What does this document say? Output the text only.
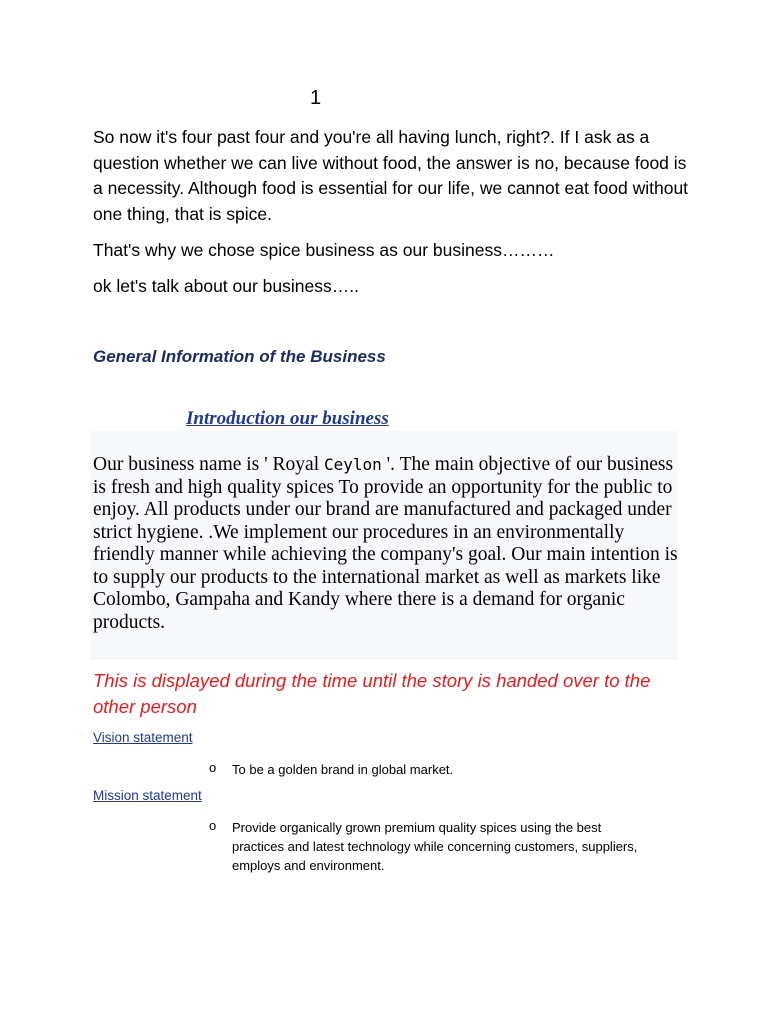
1

So now it's four past four and you're all having lunch, right?. If I ask as a question whether we can live without food, the answer is no, because food is a necessity. Although food is essential for our life, we cannot eat food without one thing, that is spice.

That's why we chose spice business as our business………

ok let's talk about our business…..

General Information of the Business
Introduction our business

Our business name is ' Royal Ceylon '. The main objective of our business is fresh and high quality spices To provide an opportunity for the public to enjoy. All products under our brand are manufactured and packaged under strict hygiene. .We implement our procedures in an environmentally friendly manner while achieving the company's goal. Our main intention is to supply our products to the international market as well as markets like Colombo, Gampaha and Kandy where there is a demand for organic products.

This is displayed during the time until the story is handed over to the other person

Vision statement
o To be a golden brand in global market.

Mission statement
o Provide organically grown premium quality spices using the best practices and latest technology while concerning customers, suppliers, employs and environment.
